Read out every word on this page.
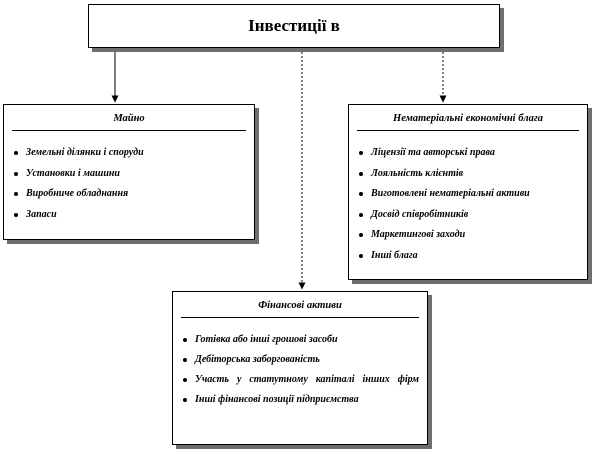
Інвестиції в
Майно
Земельні ділянки і споруди
Установки і машини
Виробниче обладнання
Запаси
Нематеріальні економічні блага
Ліцензії та авторські права
Лояльність клієнтів
Виготовлені нематеріальні активи
Досвід співробітників
Маркетингові заходи
Інші блага
Фінансові активи
Готівка або інші грошові засоби
Дебіторська заборгованість
Участь у статутному капіталі інших фірм
Інші фінансові позиції підприємства
